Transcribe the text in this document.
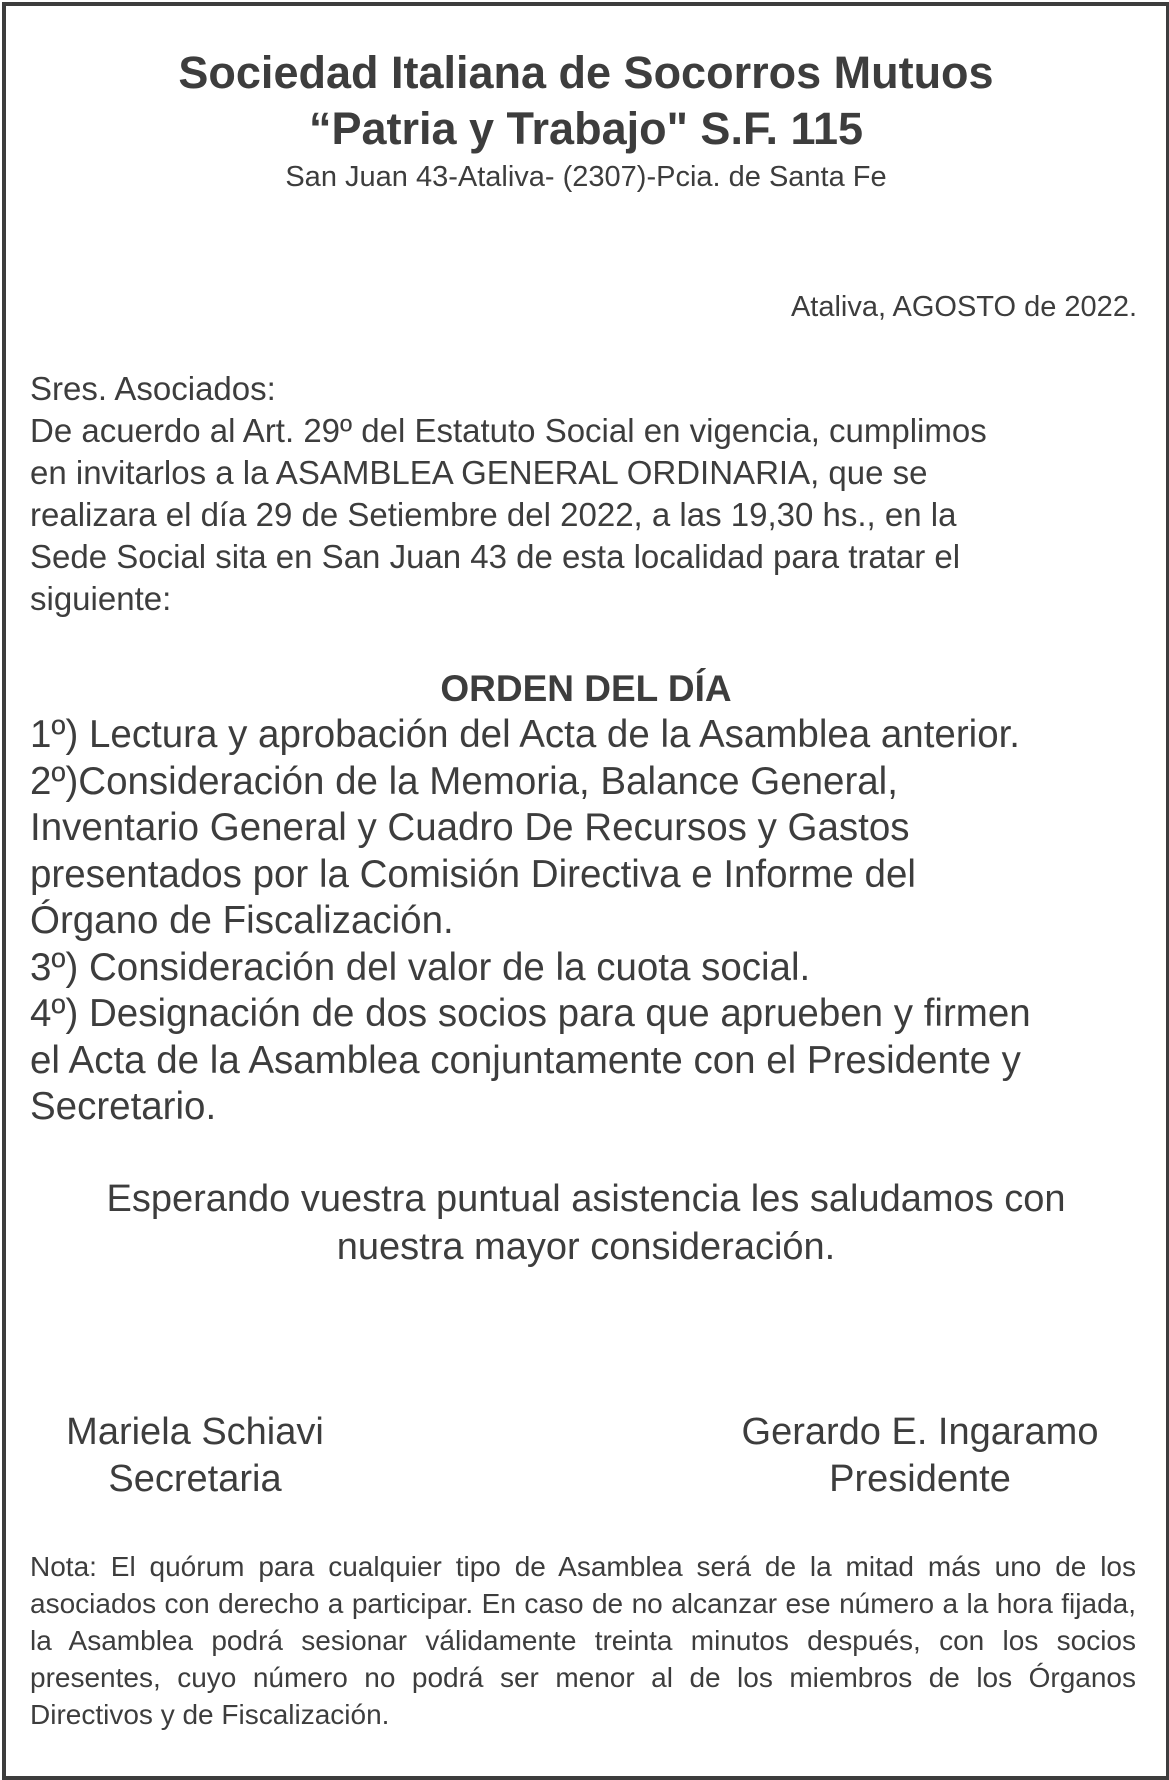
Sociedad Italiana de Socorros Mutuos

“Patria y Trabajo" S.F. 115

San Juan 43-Ataliva- (2307)-Pcia. de Santa Fe

Ataliva, AGOSTO de 2022.

Sres. Asociados:

De acuerdo al Art. 29º del Estatuto Social en vigencia, cumplimos

en invitarlos a la ASAMBLEA GENERAL ORDINARIA, que se

realizara el día 29 de Setiembre del 2022, a las 19,30 hs., en la

Sede Social sita en San Juan 43 de esta localidad para tratar el

siguiente:

ORDEN DEL DÍA

1º) Lectura y aprobación del Acta de la Asamblea anterior.

2º)Consideración de la Memoria, Balance General,

Inventario General y Cuadro De Recursos y Gastos

presentados por la Comisión Directiva e Informe del

Órgano de Fiscalización.

3º) Consideración del valor de la cuota social.

4º) Designación de dos socios para que aprueben y firmen

el Acta de la Asamblea conjuntamente con el Presidente y

Secretario.

Esperando vuestra puntual asistencia les saludamos con

nuestra mayor consideración.

Mariela Schiavi

Secretaria

Gerardo E. Ingaramo

Presidente

Nota: El quórum para cualquier tipo de Asamblea será de la mitad más uno de los asociados con derecho a participar. En caso de no alcanzar ese número a la hora fijada, la Asamblea podrá sesionar válidamente treinta minutos después, con los socios presentes, cuyo número no podrá ser menor al de los miembros de los Órganos Directivos y de Fiscalización.
